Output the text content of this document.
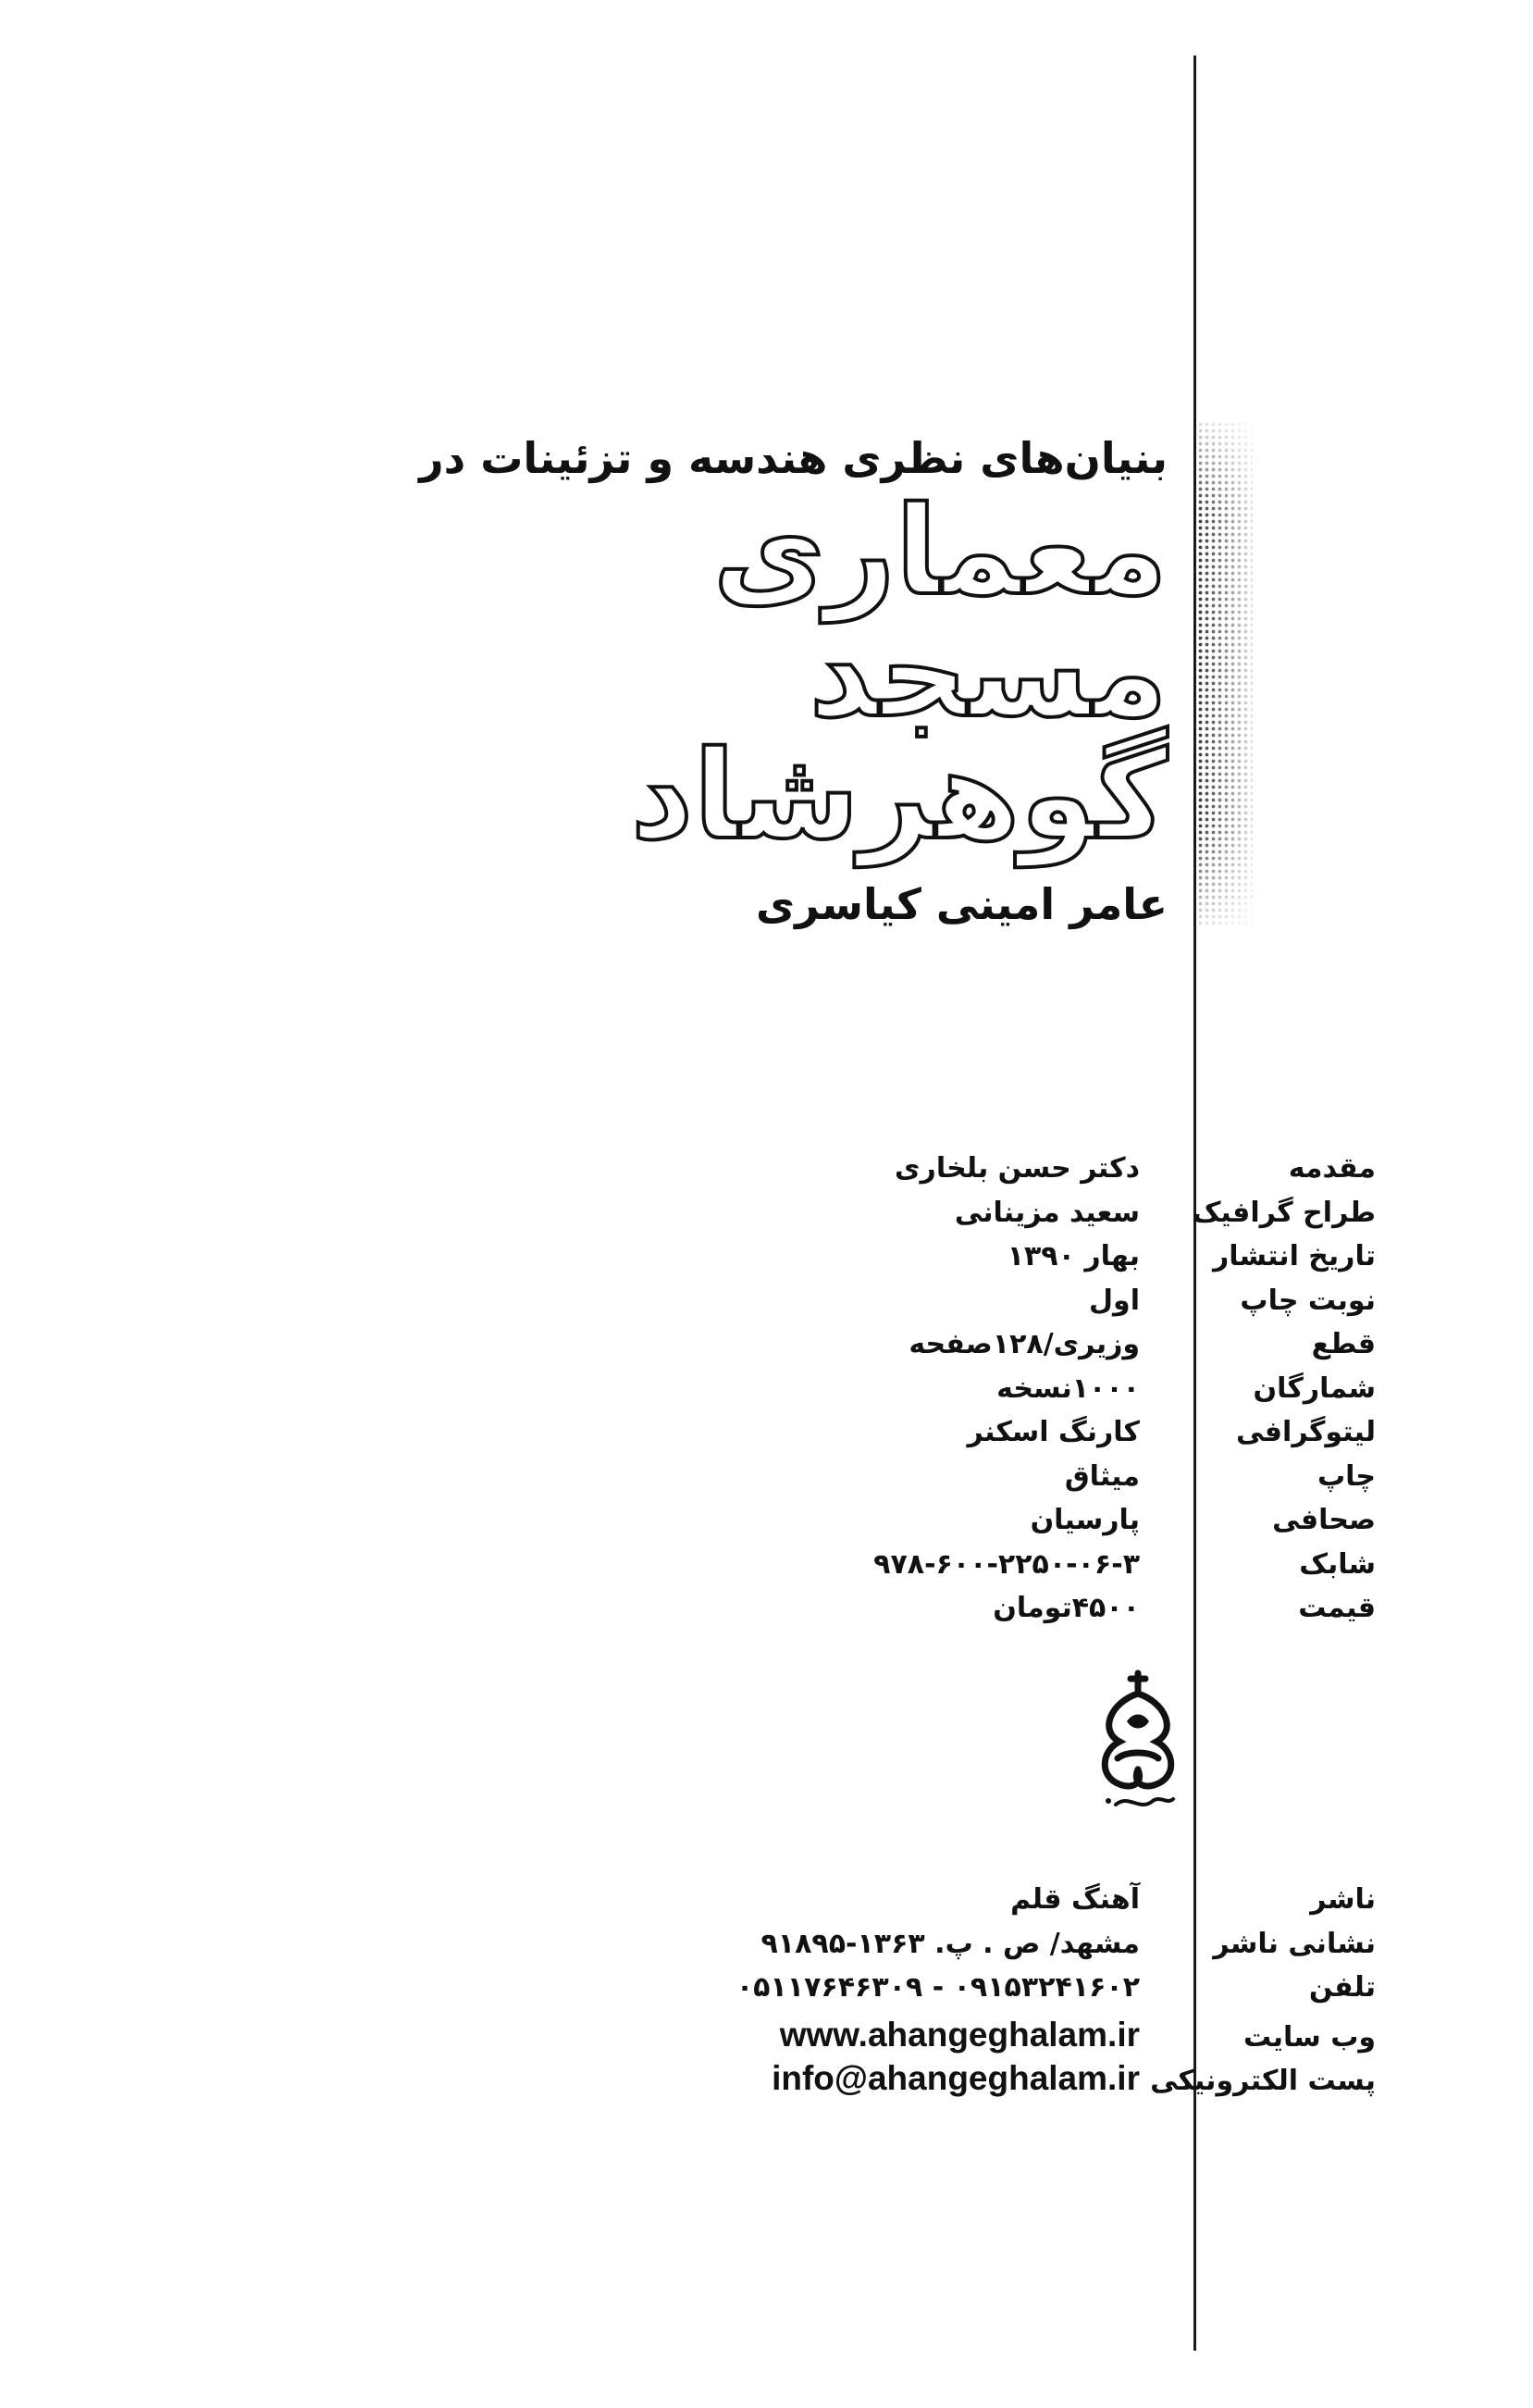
بنیان‌های نظری هندسه و تزئینات در

معماری
مسجد
گوهرشاد

عامر امینی کیاسری

مقدمه
دکتر حسن بلخاری
طراح گرافیک
سعید مزینانی
تاریخ انتشار
بهار ۱۳۹۰
نوبت چاپ
اول
قطع
وزیری/۱۲۸صفحه
شمارگان
۱۰۰۰نسخه
لیتوگرافی
کارنگ اسکنر
چاپ
میثاق
صحافی
پارسیان
شابک
۹۷۸-۶۰۰-۲۲۵۰-۰۶-۳
قیمت
۴۵۰۰تومان
ناشر
آهنگ قلم
نشانی ناشر
مشهد/ ص . پ. ۱۳۶۳-۹۱۸۹۵
تلفن
۰۵۱۱۷۶۴۶۳۰۹ - ۰۹۱۵۳۲۴۱۶۰۲
وب سایت
www.ahangeghalam.ir
پست الکترونیکی
info@ahangeghalam.ir
